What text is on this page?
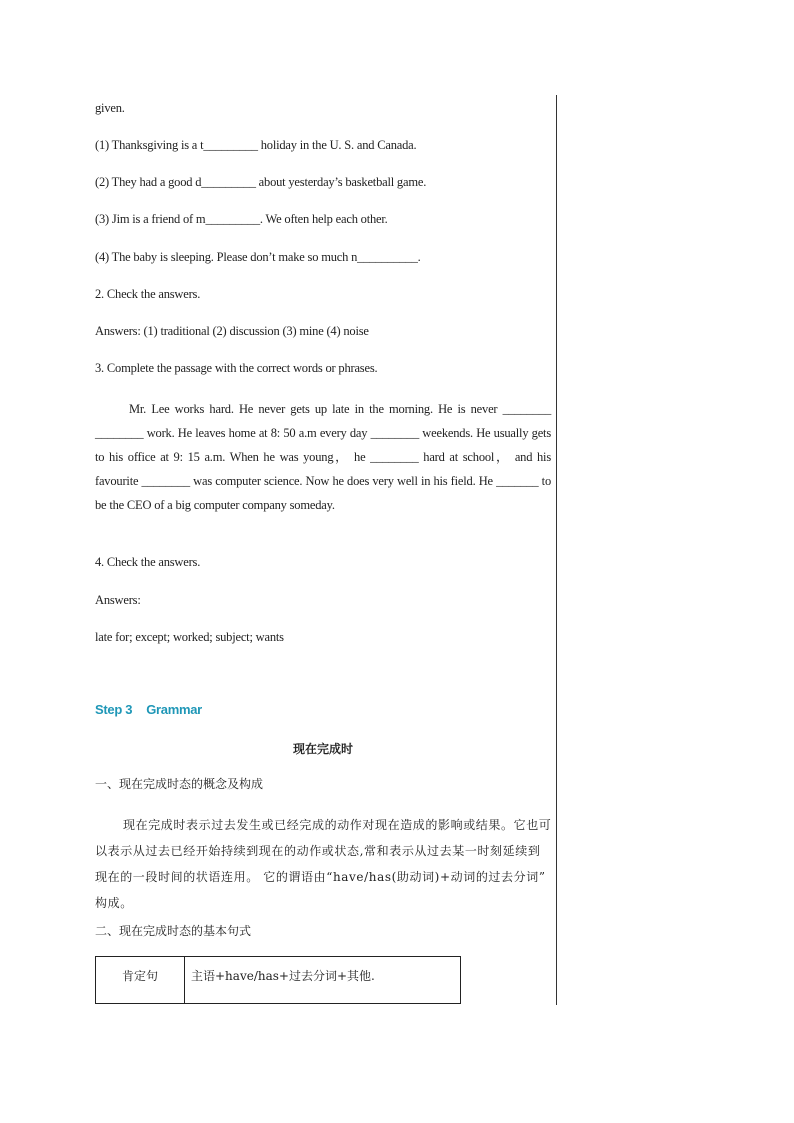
given.
(1) Thanksgiving is a t_________ holiday in the U. S. and Canada.
(2) They had a good d_________ about yesterday’s basketball game.
(3) Jim is a friend of m_________. We often help each other.
(4) The baby is sleeping. Please don’t make so much n__________.
2. Check the answers.
Answers: (1) traditional (2) discussion (3) mine (4) noise
3. Complete the passage with the correct words or phrases.
Mr. Lee works hard. He never gets up late in the morning. He is never ________ ________ work. He leaves home at 8: 50 a.m every day ________ weekends. He usually gets to his office at 9: 15 a.m. When he was young， he ________ hard at school， and his favourite ________ was computer science. Now he does very well in his field. He _______ to be the CEO of a big computer company someday.
4. Check the answers.
Answers:
late for; except; worked; subject; wants
Step 3 Grammar
现在完成时
一、现在完成时态的概念及构成
现在完成时表示过去发生或已经完成的动作对现在造成的影响或结果。它也可以表示从过去已经开始持续到现在的动作或状态,常和表示从过去某一时刻延续到现在的一段时间的状语连用。 它的谓语由“have/has(助动词)+动词的过去分词” 构成。
二、现在完成时态的基本句式
肯定句	主语+have/has+过去分词+其他.
